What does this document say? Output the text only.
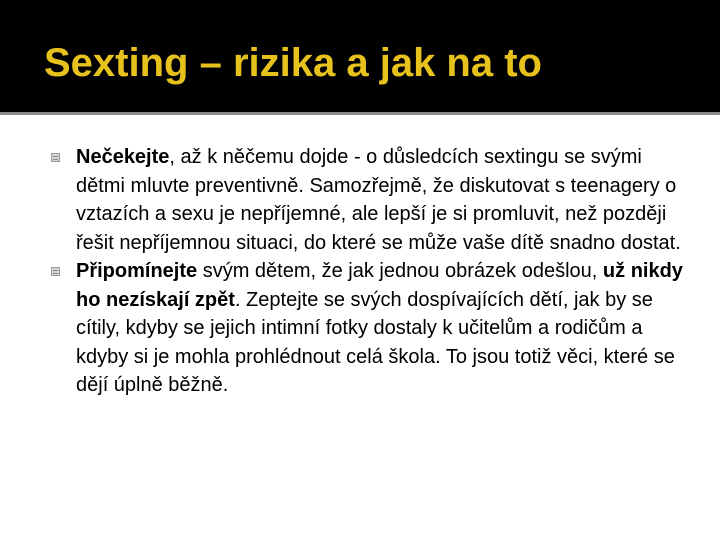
Sexting – rizika a jak na to
Nečekejte, až k něčemu dojde - o důsledcích sextingu se svými dětmi mluvte preventivně. Samozřejmě, že diskutovat s teenagery o vztazích a sexu je nepříjemné, ale lepší je si promluvit, než později řešit nepříjemnou situaci, do které se může vaše dítě snadno dostat.
Připomínejte svým dětem, že jak jednou obrázek odešlou, už nikdy ho nezískají zpět. Zeptejte se svých dospívajících dětí, jak by se cítily, kdyby se jejich intimní fotky dostaly k učitelům a rodičům a kdyby si je mohla prohlédnout celá škola. To jsou totiž věci, které se dějí úplně běžně.
